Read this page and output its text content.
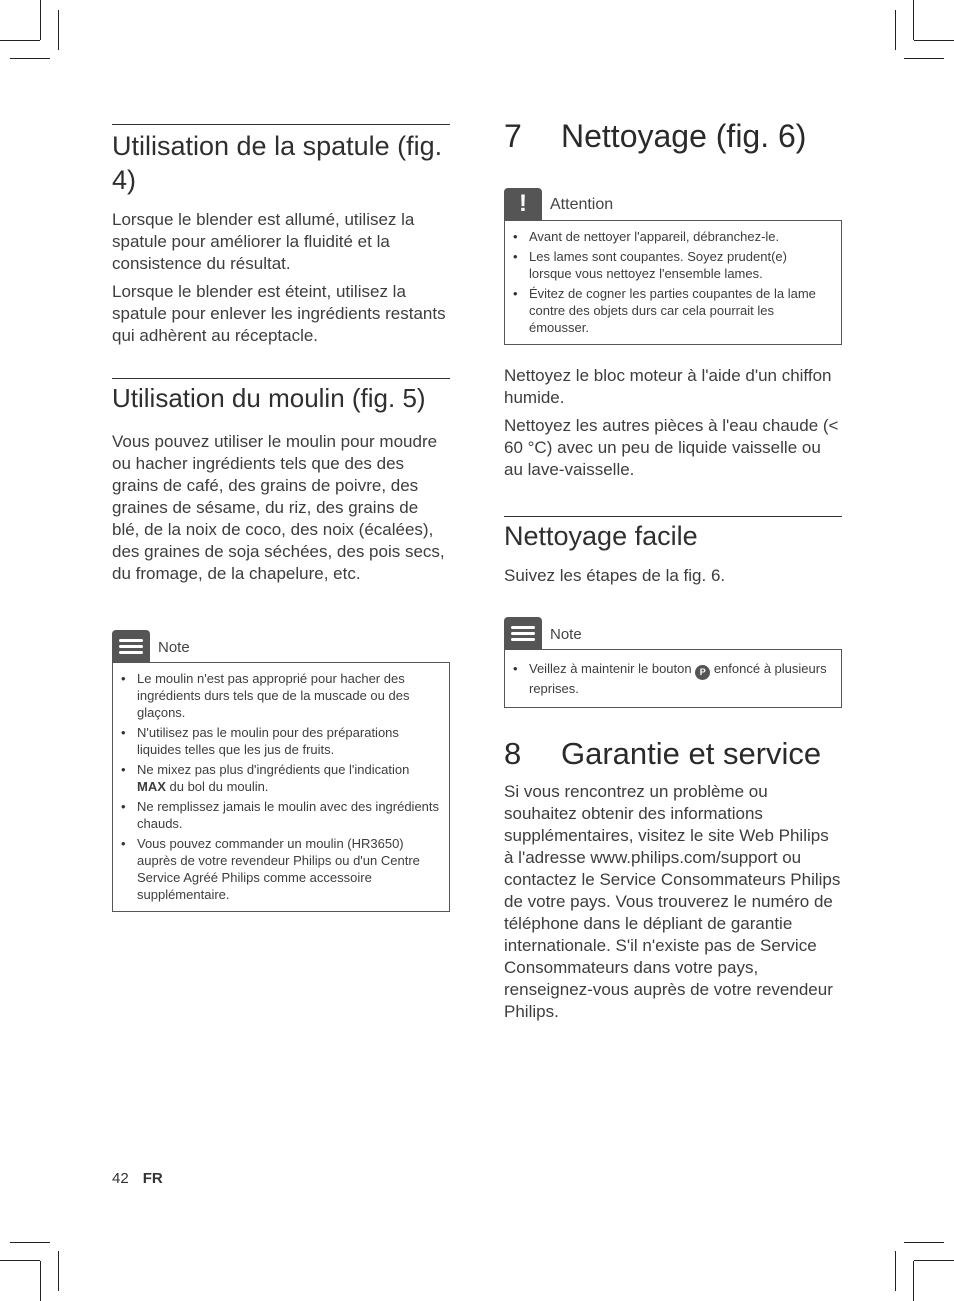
Utilisation de la spatule (fig. 4)

Lorsque le blender est allumé, utilisez la spatule pour améliorer la fluidité et la consistence du résultat.

Lorsque le blender est éteint, utilisez la spatule pour enlever les ingrédients restants qui adhèrent au réceptacle.

Utilisation du moulin (fig. 5)

Vous pouvez utiliser le moulin pour moudre ou hacher ingrédients tels que des des grains de café, des grains de poivre, des graines de sésame, du riz, des grains de blé, de la noix de coco, des noix (écalées), des graines de soja séchées, des pois secs, du fromage, de la chapelure, etc.

Note
• Le moulin n'est pas approprié pour hacher des ingrédients durs tels que de la muscade ou des glaçons.
• N'utilisez pas le moulin pour des préparations liquides telles que les jus de fruits.
• Ne mixez pas plus d'ingrédients que l'indication MAX du bol du moulin.
• Ne remplissez jamais le moulin avec des ingrédients chauds.
• Vous pouvez commander un moulin (HR3650) auprès de votre revendeur Philips ou d'un Centre Service Agréé Philips comme accessoire supplémentaire.
7	Nettoyage (fig. 6)
!	Attention
• Avant de nettoyer l'appareil, débranchez-le.
• Les lames sont coupantes. Soyez prudent(e) lorsque vous nettoyez l'ensemble lames.
• Évitez de cogner les parties coupantes de la lame contre des objets durs car cela pourrait les émousser.

Nettoyez le bloc moteur à l'aide d'un chiffon humide.

Nettoyez les autres pièces à l'eau chaude (< 60 °C) avec un peu de liquide vaisselle ou au lave-vaisselle.

Nettoyage facile

Suivez les étapes de la fig. 6.

Note
• Veillez à maintenir le bouton P enfoncé à plusieurs reprises.
8	Garantie et service

Si vous rencontrez un problème ou souhaitez obtenir des informations supplémentaires, visitez le site Web Philips à l'adresse www.philips.com/support ou contactez le Service Consommateurs Philips de votre pays. Vous trouverez le numéro de téléphone dans le dépliant de garantie internationale. S'il n'existe pas de Service Consommateurs dans votre pays, renseignez-vous auprès de votre revendeur Philips.

42 FR
